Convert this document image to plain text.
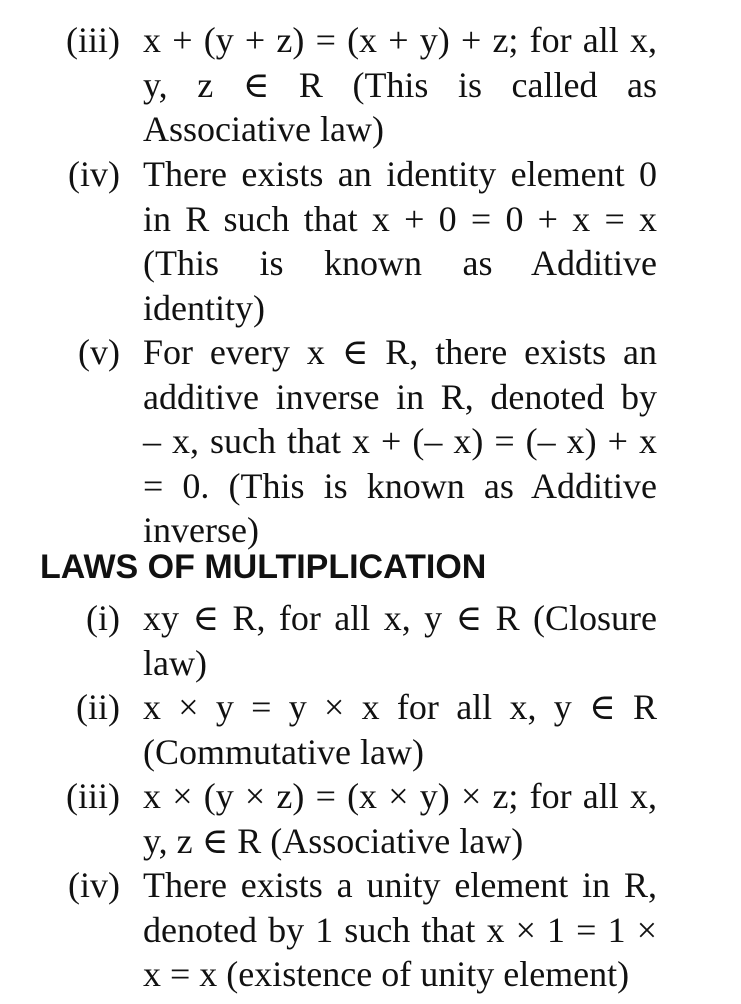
(iii) x + (y + z) = (x + y) + z; for all x,
y, z ∈ R (This is called as
Associative law)
(iv) There exists an identity element 0
in R such that x + 0 = 0 + x = x
(This is known as Additive
identity)
(v) For every x ∈ R, there exists an
additive inverse in R, denoted by
– x, such that x + (– x) = (– x) + x
= 0. (This is known as Additive
inverse)
LAWS OF MULTIPLICATION
(i) xy ∈ R, for all x, y ∈ R (Closure
law)
(ii) x × y = y × x for all x, y ∈ R
(Commutative law)
(iii) x × (y × z) = (x × y) × z; for all x,
y, z ∈ R (Associative law)
(iv) There exists a unity element in R,
denoted by 1 such that x × 1 = 1 ×
x = x (existence of unity element)
